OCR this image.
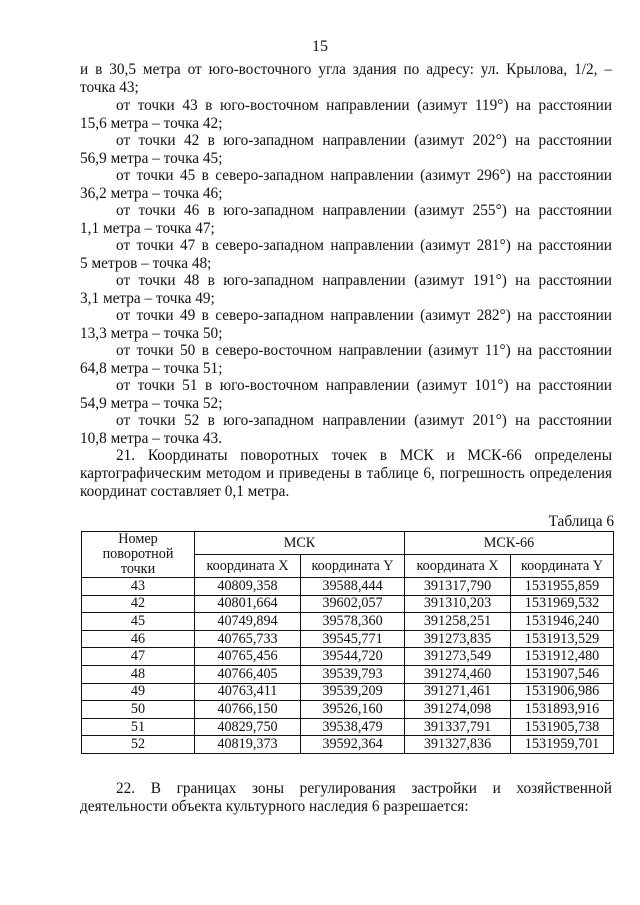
15
и в 30,5 метра от юго-восточного угла здания по адресу: ул. Крылова, 1/2, –
точка 43;
от точки 43 в юго-восточном направлении (азимут 119°) на расстоянии
15,6 метра – точка 42;
от точки 42 в юго-западном направлении (азимут 202°) на расстоянии
56,9 метра – точка 45;
от точки 45 в северо-западном направлении (азимут 296°) на расстоянии
36,2 метра – точка 46;
от точки 46 в юго-западном направлении (азимут 255°) на расстоянии
1,1 метра – точка 47;
от точки 47 в северо-западном направлении (азимут 281°) на расстоянии
5 метров – точка 48;
от точки 48 в юго-западном направлении (азимут 191°) на расстоянии
3,1 метра – точка 49;
от точки 49 в северо-западном направлении (азимут 282°) на расстоянии
13,3 метра – точка 50;
от точки 50 в северо-восточном направлении (азимут 11°) на расстоянии
64,8 метра – точка 51;
от точки 51 в юго-восточном направлении (азимут 101°) на расстоянии
54,9 метра – точка 52;
от точки 52 в юго-западном направлении (азимут 201°) на расстоянии
10,8 метра – точка 43.
21. Координаты поворотных точек в МСК и МСК-66 определены
картографическим методом и приведены в таблице 6, погрешность определения
координат составляет 0,1 метра.
Таблица 6
Номер поворотной точки	МСК		МСК-66	
	координата X	координата Y	координата X	координата Y
43	40809,358	39588,444	391317,790	1531955,859
42	40801,664	39602,057	391310,203	1531969,532
45	40749,894	39578,360	391258,251	1531946,240
46	40765,733	39545,771	391273,835	1531913,529
47	40765,456	39544,720	391273,549	1531912,480
48	40766,405	39539,793	391274,460	1531907,546
49	40763,411	39539,209	391271,461	1531906,986
50	40766,150	39526,160	391274,098	1531893,916
51	40829,750	39538,479	391337,791	1531905,738
52	40819,373	39592,364	391327,836	1531959,701
22. В границах зоны регулирования застройки и хозяйственной
деятельности объекта культурного наследия 6 разрешается:
